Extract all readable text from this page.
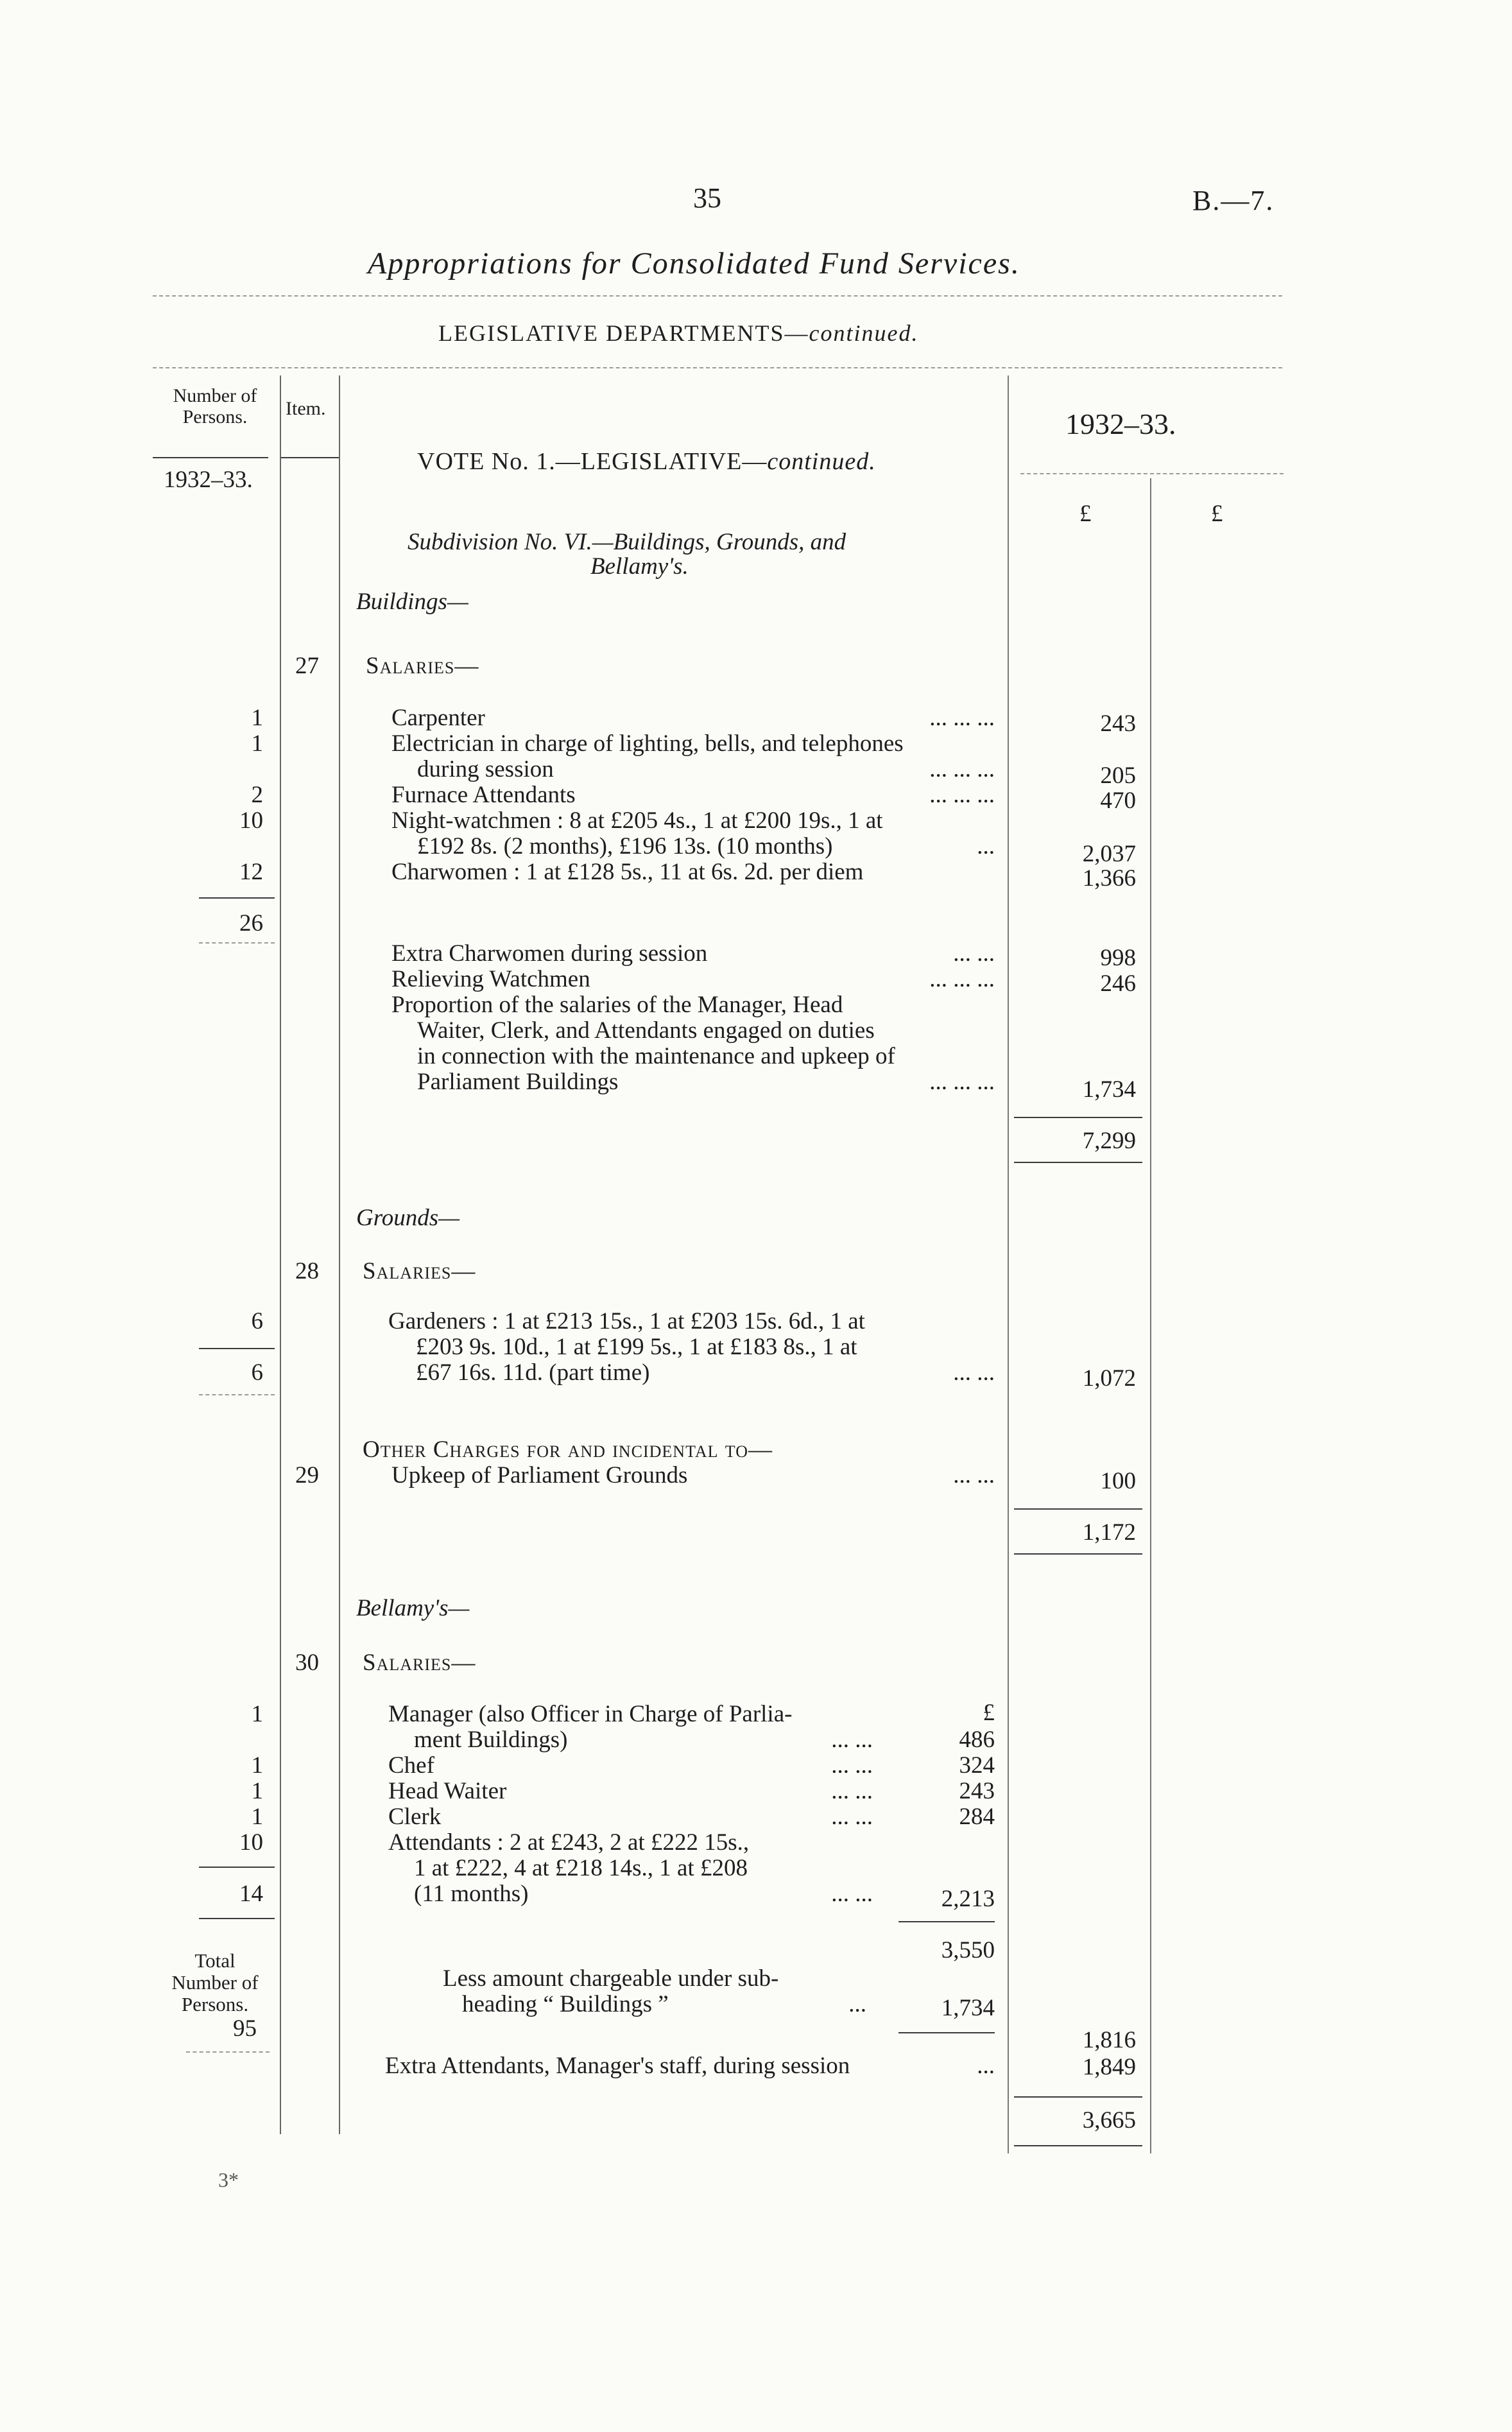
35	B.—7.
Appropriations for Consolidated Fund Services.
LEGISLATIVE DEPARTMENTS—continued.
Number of Persons.	Item.
1932–33.
1932–33.
£	£
VOTE No. 1.—LEGISLATIVE—continued.
Subdivision No. VI.—Buildings, Grounds, and
Bellamy's.
Buildings—
27 Salaries—
1	Carpenter	... ... ...	243
1	Electrician in charge of lighting, bells, and telephones
during session	... ... ...	205
2	Furnace Attendants	... ... ...	470
10	Night-watchmen : 8 at £205 4s., 1 at £200 19s., 1 at
£192 8s. (2 months), £196 13s. (10 months)	...	2,037
12	Charwomen : 1 at £128 5s., 11 at 6s. 2d. per diem	1,366
26
Extra Charwomen during session	... ...	998
Relieving Watchmen	... ... ...	246
Proportion of the salaries of the Manager, Head
Waiter, Clerk, and Attendants engaged on duties
in connection with the maintenance and upkeep of
Parliament Buildings	... ... ...	1,734
7,299
Grounds—
28 Salaries—
6	Gardeners : 1 at £213 15s., 1 at £203 15s. 6d., 1 at
£203 9s. 10d., 1 at £199 5s., 1 at £183 8s., 1 at
£67 16s. 11d. (part time)	... ...	1,072
6
Other Charges for and incidental to—
29	Upkeep of Parliament Grounds	... ...	100
1,172
Bellamy's—
30 Salaries—
£
1	Manager (also Officer in Charge of Parlia-
ment Buildings)	... ...	486
1	Chef	... ...	324
1	Head Waiter	... ...	243
1	Clerk	... ...	284
10	Attendants : 2 at £243, 2 at £222 15s.,
1 at £222, 4 at £218 14s., 1 at £208
(11 months)	... ...	2,213
14
3,550
Total
Number of
Persons.
95
Less amount chargeable under sub-
heading “ Buildings ”	...	1,734
1,816
Extra Attendants, Manager's staff, during session	...	1,849
3,665
3*
